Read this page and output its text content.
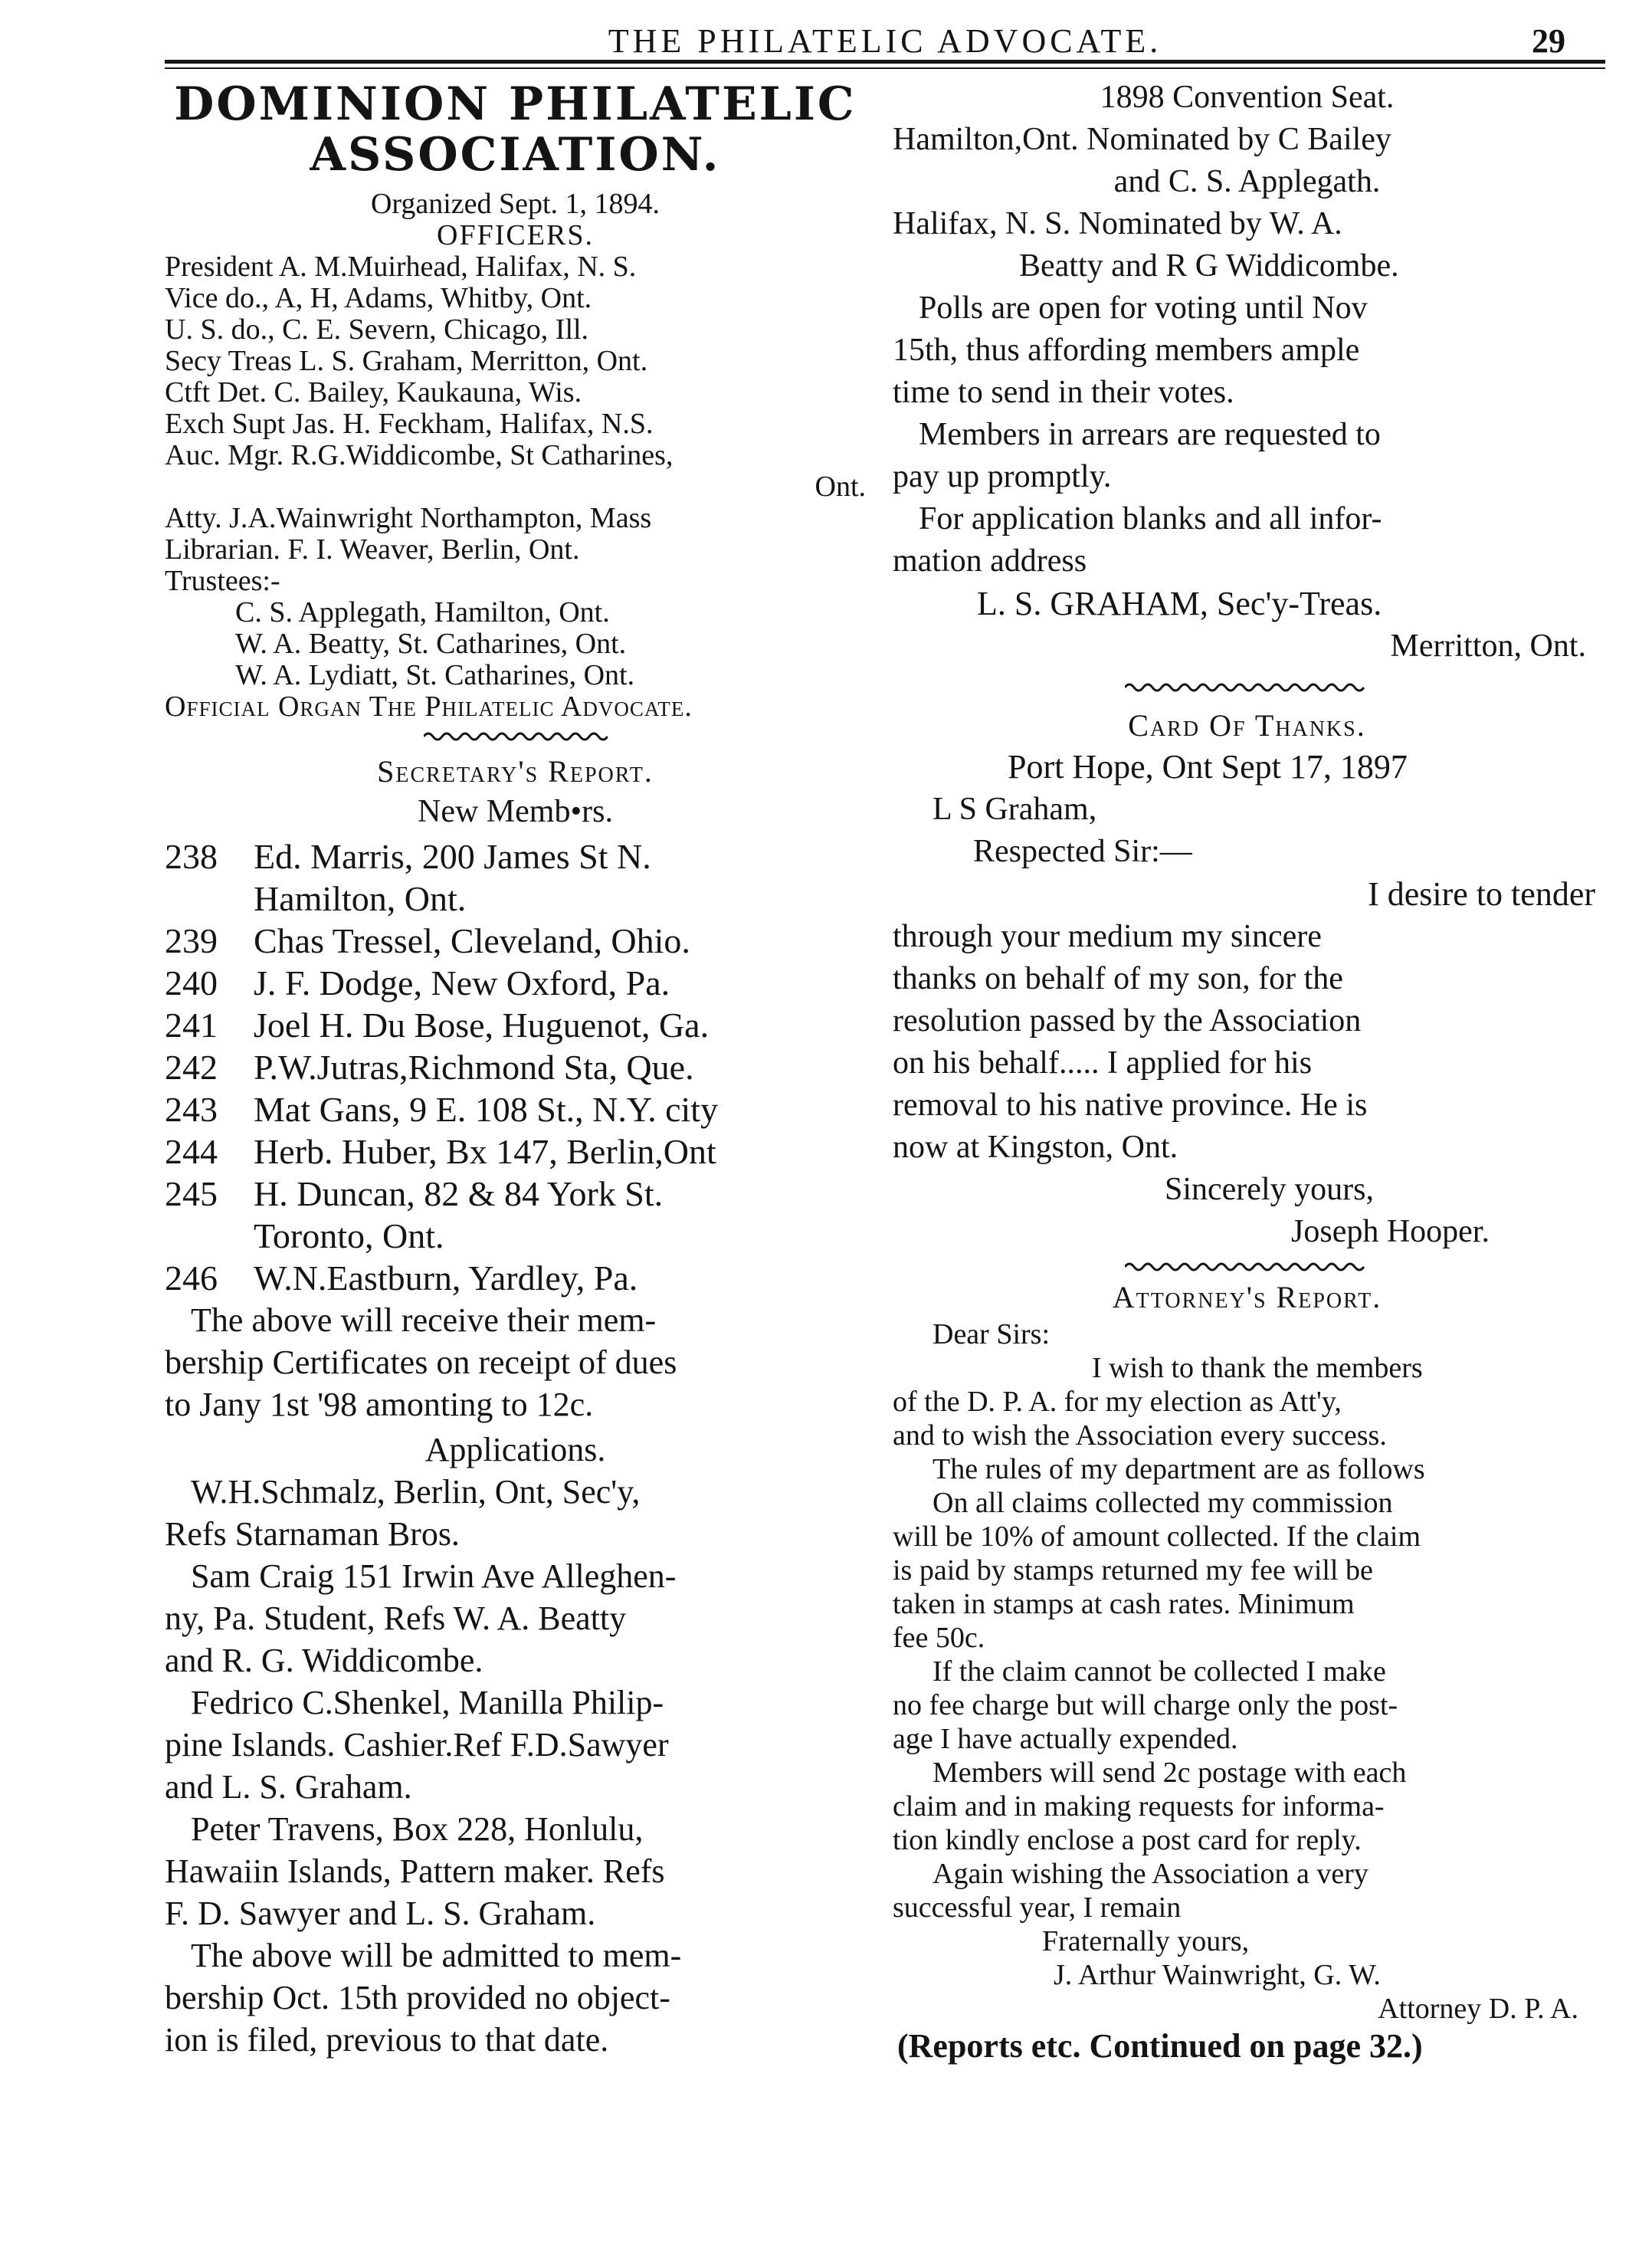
THE PHILATELIC ADVOCATE.	29
DOMINION PHILATELIC
ASSOCIATION.
Organized Sept. 1, 1894.
OFFICERS.
President A. M.Muirhead, Halifax, N. S.
Vice do., A, H, Adams, Whitby, Ont.
U. S. do., C. E. Severn, Chicago, Ill.
Secy Treas L. S. Graham, Merritton, Ont.
Ctft Det. C. Bailey, Kaukauna, Wis.
Exch Supt Jas. H. Feckham, Halifax, N.S.
Auc. Mgr. R.G.Widdicombe, St Catharines,
Ont.
Atty. J.A.Wainwright Northampton, Mass
Librarian. F. I. Weaver, Berlin, Ont.
Trustees:-
C. S. Applegath, Hamilton, Ont.
W. A. Beatty, St. Catharines, Ont.
W. A. Lydiatt, St. Catharines, Ont.
Official Organ The Philatelic Advocate.
Secretary's Report.
New Memb•rs.
238 Ed. Marris, 200 James St N.
Hamilton, Ont.
239 Chas Tressel, Cleveland, Ohio.
240 J. F. Dodge, New Oxford, Pa.
241 Joel H. Du Bose, Huguenot, Ga.
242 P.W.Jutras,Richmond Sta, Que.
243 Mat Gans, 9 E. 108 St., N.Y. city
244 Herb. Huber, Bx 147, Berlin,Ont
245 H. Duncan, 82 & 84 York St.
Toronto, Ont.
246 W.N.Eastburn, Yardley, Pa.
The above will receive their mem-
bership Certificates on receipt of dues
to Jany 1st '98 amonting to 12c.
Applications.
W.H.Schmalz, Berlin, Ont, Sec'y,
Refs Starnaman Bros.
Sam Craig 151 Irwin Ave Alleghen-
ny, Pa. Student, Refs W. A. Beatty
and R. G. Widdicombe.
Fedrico C.Shenkel, Manilla Philip-
pine Islands. Cashier.Ref F.D.Sawyer
and L. S. Graham.
Peter Travens, Box 228, Honlulu,
Hawaiin Islands, Pattern maker. Refs
F. D. Sawyer and L. S. Graham.
The above will be admitted to mem-
bership Oct. 15th provided no object-
ion is filed, previous to that date.
1898 Convention Seat.
Hamilton,Ont. Nominated by C Bailey
and C. S. Applegath.
Halifax, N. S. Nominated by W. A.
Beatty and R G Widdicombe.
Polls are open for voting until Nov
15th, thus affording members ample
time to send in their votes.
Members in arrears are requested to
pay up promptly.
For application blanks and all infor-
mation address
L. S. GRAHAM, Sec'y-Treas.
Merritton, Ont.
Card Of Thanks.
Port Hope, Ont Sept 17, 1897
L S Graham,
Respected Sir:—
I desire to tender
through your medium my sincere
thanks on behalf of my son, for the
resolution passed by the Association
on his behalf..... I applied for his
removal to his native province. He is
now at Kingston, Ont.
Sincerely yours,
Joseph Hooper.
Attorney's Report.
Dear Sirs:
I wish to thank the members
of the D. P. A. for my election as Att'y,
and to wish the Association every success.
The rules of my department are as follows
On all claims collected my commission
will be 10% of amount collected. If the claim
is paid by stamps returned my fee will be
taken in stamps at cash rates. Minimum
fee 50c.
If the claim cannot be collected I make
no fee charge but will charge only the post-
age I have actually expended.
Members will send 2c postage with each
claim and in making requests for informa-
tion kindly enclose a post card for reply.
Again wishing the Association a very
successful year, I remain
Fraternally yours,
J. Arthur Wainwright, G. W.
Attorney D. P. A.
(Reports etc. Continued on page 32.)
